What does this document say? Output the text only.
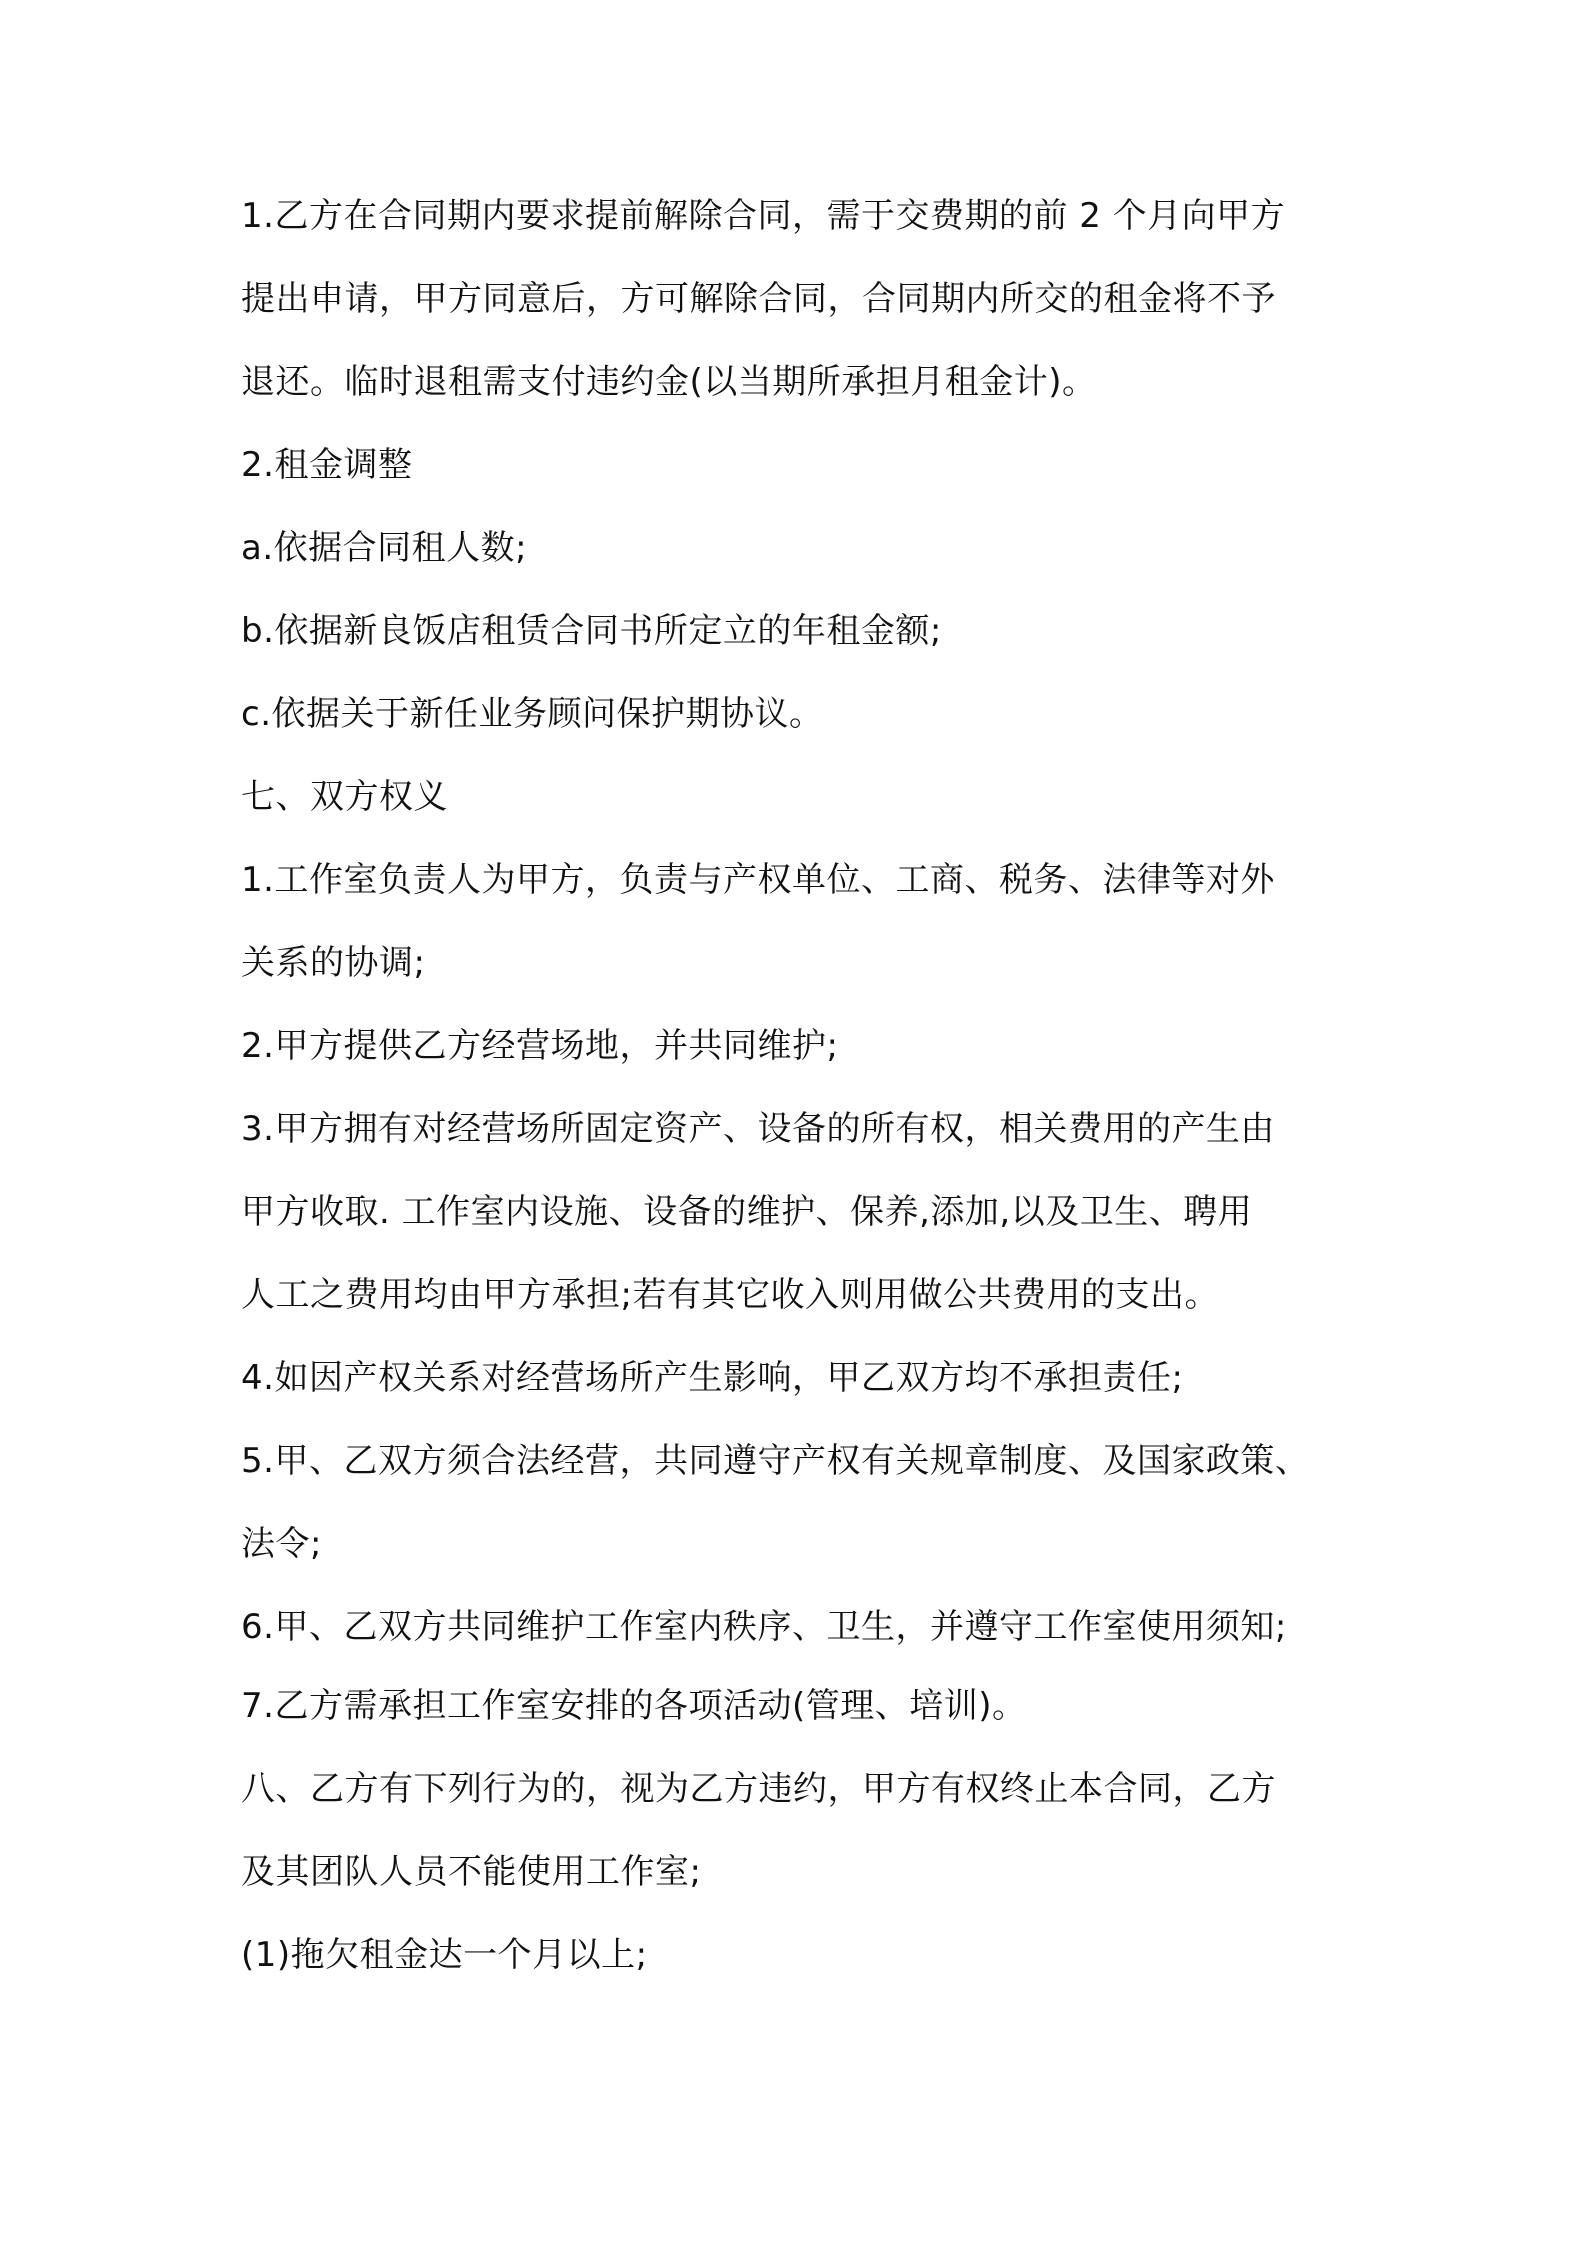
1.乙方在合同期内要求提前解除合同，需于交费期的前 2 个月向甲方
提出申请，甲方同意后，方可解除合同，合同期内所交的租金将不予
退还。临时退租需支付违约金(以当期所承担月租金计)。
2.租金调整
a.依据合同租人数;
b.依据新良饭店租赁合同书所定立的年租金额;
c.依据关于新任业务顾问保护期协议。
七、双方权义
1.工作室负责人为甲方，负责与产权单位、工商、税务、法律等对外
关系的协调;
2.甲方提供乙方经营场地，并共同维护;
3.甲方拥有对经营场所固定资产、设备的所有权，相关费用的产生由
甲方收取. 工作室内设施、设备的维护、保养,添加,以及卫生、聘用
人工之费用均由甲方承担;若有其它收入则用做公共费用的支出。
4.如因产权关系对经营场所产生影响，甲乙双方均不承担责任;
5.甲、乙双方须合法经营，共同遵守产权有关规章制度、及国家政策、
法令;
6.甲、乙双方共同维护工作室内秩序、卫生，并遵守工作室使用须知;
7.乙方需承担工作室安排的各项活动(管理、培训)。
八、乙方有下列行为的，视为乙方违约，甲方有权终止本合同，乙方
及其团队人员不能使用工作室;
(1)拖欠租金达一个月以上;
